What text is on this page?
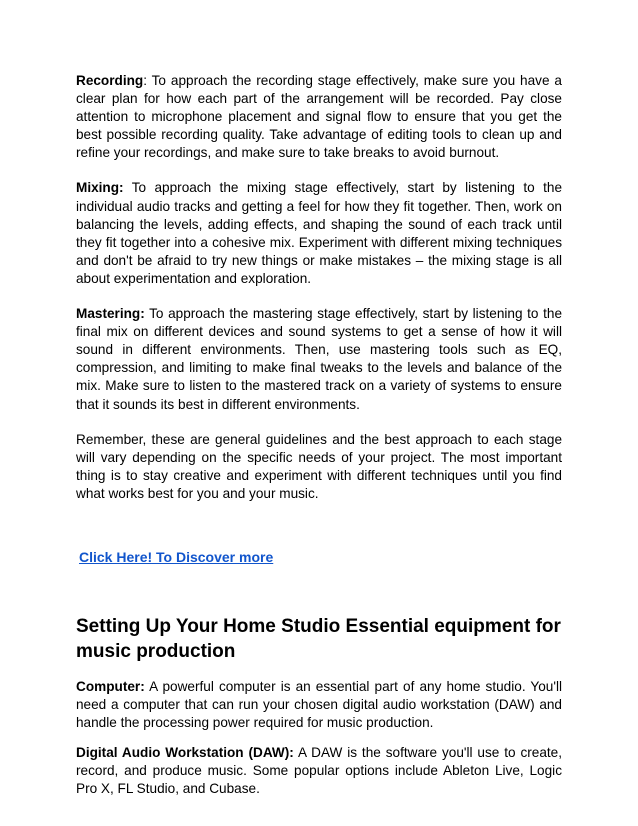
Recording: To approach the recording stage effectively, make sure you have a clear plan for how each part of the arrangement will be recorded. Pay close attention to microphone placement and signal flow to ensure that you get the best possible recording quality. Take advantage of editing tools to clean up and refine your recordings, and make sure to take breaks to avoid burnout.

Mixing: To approach the mixing stage effectively, start by listening to the individual audio tracks and getting a feel for how they fit together. Then, work on balancing the levels, adding effects, and shaping the sound of each track until they fit together into a cohesive mix. Experiment with different mixing techniques and don't be afraid to try new things or make mistakes – the mixing stage is all about experimentation and exploration.

Mastering: To approach the mastering stage effectively, start by listening to the final mix on different devices and sound systems to get a sense of how it will sound in different environments. Then, use mastering tools such as EQ, compression, and limiting to make final tweaks to the levels and balance of the mix. Make sure to listen to the mastered track on a variety of systems to ensure that it sounds its best in different environments.

Remember, these are general guidelines and the best approach to each stage will vary depending on the specific needs of your project. The most important thing is to stay creative and experiment with different techniques until you find what works best for you and your music.

Click Here! To Discover more
Setting Up Your Home Studio Essential equipment for music production

Computer: A powerful computer is an essential part of any home studio. You'll need a computer that can run your chosen digital audio workstation (DAW) and handle the processing power required for music production.

Digital Audio Workstation (DAW): A DAW is the software you'll use to create, record, and produce music. Some popular options include Ableton Live, Logic Pro X, FL Studio, and Cubase.
